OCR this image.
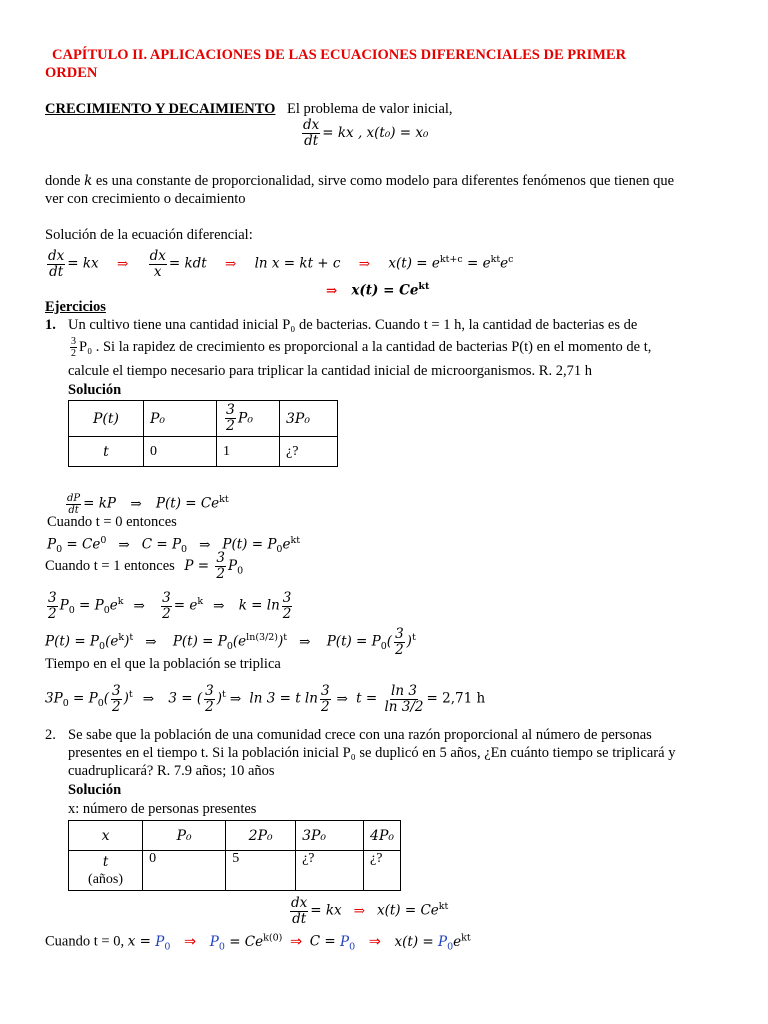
CAPÍTULO II. APLICACIONES DE LAS ECUACIONES DIFERENCIALES DE PRIMER
ORDEN
CRECIMIENTO Y DECAIMIENTO El problema de valor inicial,
$\frac{dx}{dt}$ = kx , x(t₀) = x₀
donde k es una constante de proporcionalidad, sirve como modelo para diferentes fenómenos que tienen que
ver con crecimiento o decaimiento
Solución de la ecuación diferencial:
$\frac{dx}{dt}$ = kx ⇒ $\frac{dx}{x}$ = kdt ⇒ ln x = kt + c ⇒ $x(t) = e^{kt+c} = e^{kt}e^c$
⇒ $x(t) = Ce^{kt}$
Ejercicios
1. Un cultivo tiene una cantidad inicial P₀ de bacterias. Cuando t = 1 h, la cantidad de bacterias es de
$\frac{3}{2} P_0$ . Si la rapidez de crecimiento es proporcional a la cantidad de bacterias P(t) en el momento de t,
calcule el tiempo necesario para triplicar la cantidad inicial de microorganismos. R. 2,71 h
Solución
P(t)	P₀	$\frac{3}{2} P_0$	3P₀
t	0	1	¿?
$\frac{dP}{dt}$ = kP ⇒ $P(t) = Ce^{kt}$
Cuando t = 0 entonces
$P_0 = Ce^0$ ⇒ $C = P_0$ ⇒ $P(t) = P_0e^{kt}$
Cuando t = 1 entonces $P = \frac{3}{2} P_0$
$\frac{3}{2} P_0 = P_0e^k$ ⇒ $\frac{3}{2} = e^k$ ⇒ $k = \ln \frac{3}{2}$
$P(t) = P_0(e^k)^t$ ⇒ $P(t) = P_0(e^{ln(3/2)})^t$ ⇒ $P(t) = P_0( \frac{3}{2} )^t$
Tiempo en el que la población se triplica
$3P_0 = P_0( \frac{3}{2} )^t$ ⇒ 3 = ( $\frac{3}{2} )^t$ ⇒ ln 3 = t $\ln \frac{3}{2}$ ⇒ $t = \frac{\ln 3}{\ln 3/2} = 2,71$ h
2. Se sabe que la población de una comunidad crece con una razón proporcional al número de personas
presentes en el tiempo t. Si la población inicial P₀ se duplicó en 5 años, ¿En cuánto tiempo se triplicará y
cuadruplicará? R. 7.9 años; 10 años
Solución
x: número de personas presentes
x	P₀	2P₀	3P₀	4P₀
t
(años)	0	5	¿?	¿?
$\frac{dx}{dt}$ = kx ⇒ $x(t) = Ce^{kt}$
Cuando t = 0, $x = P_0$ ⇒ $P_0 = Ce^{k(0)}$ ⇒ $C = P_0$ ⇒ $x(t) = P_0e^{kt}$
